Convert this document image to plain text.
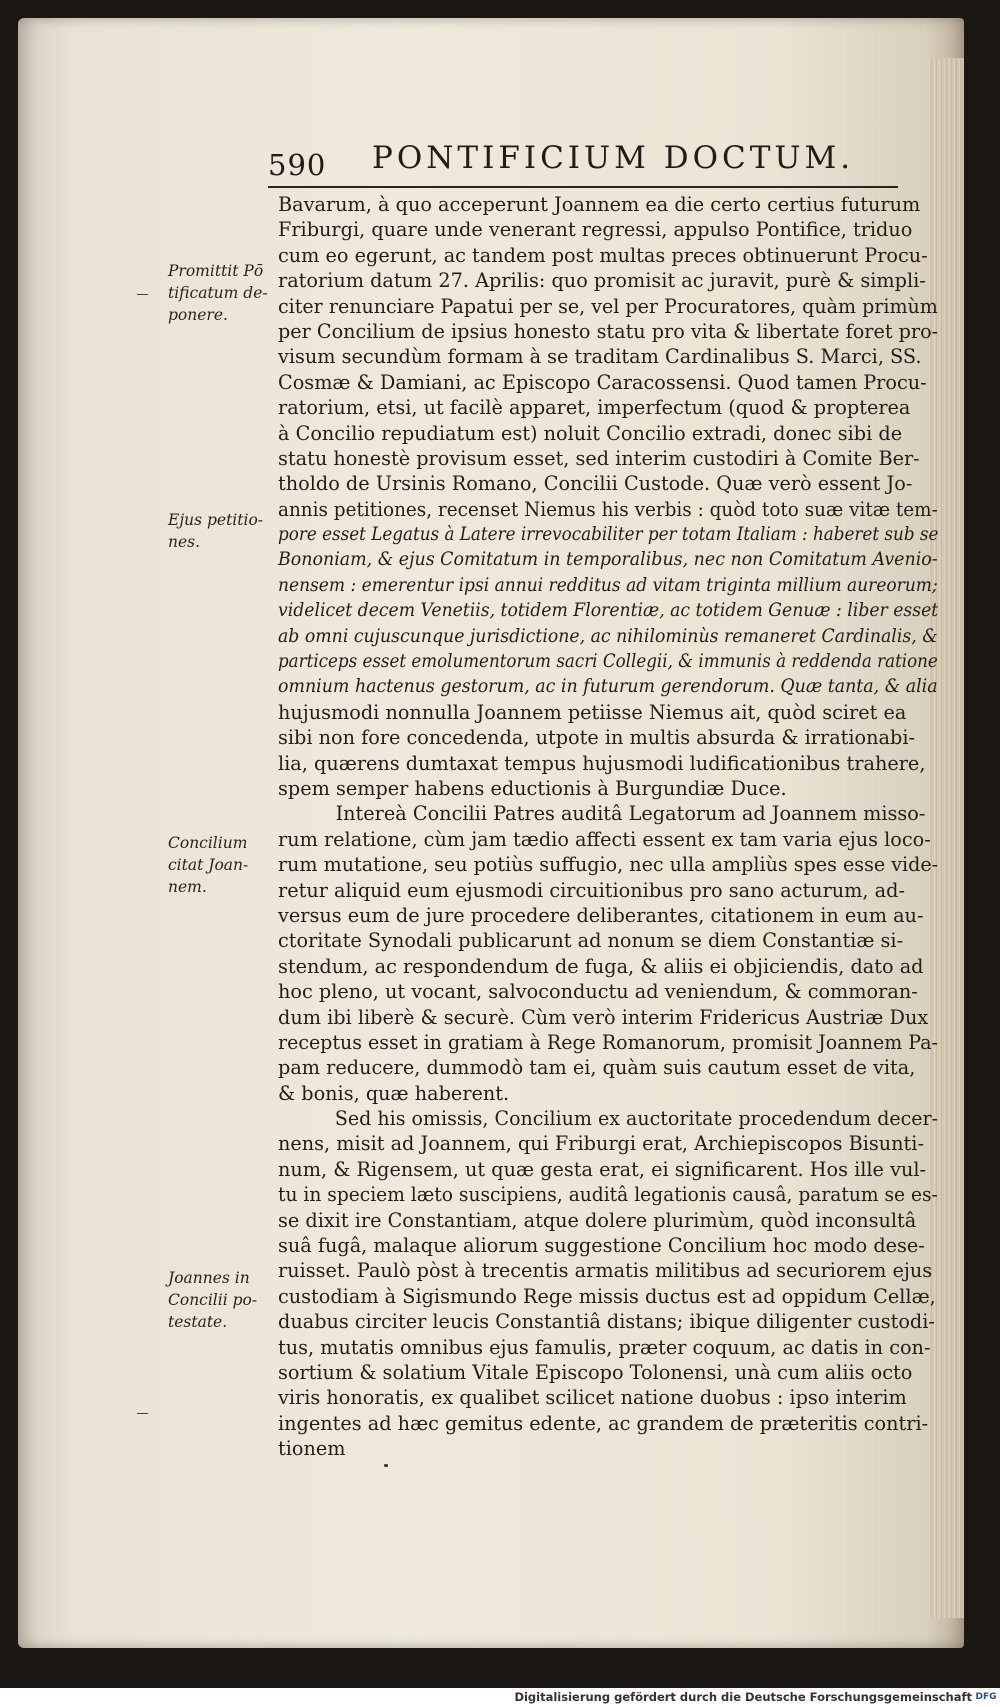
590 PONTIFICIUM DOCTUM.
Promittit Pō
tificatum de-
ponere.
Ejus petitio-
nes.
Concilium
citat Joan-
nem.
Joannes in
Concilii po-
testate.
Bavarum, à quo acceperunt Joannem ea die certo certius futurum
Friburgi, quare unde venerant regressi, appulso Pontifice, triduo
cum eo egerunt, ac tandem post multas preces obtinuerunt Procu-
ratorium datum 27. Aprilis: quo promisit ac juravit, purè & simpli-
citer renunciare Papatui per se, vel per Procuratores, quàm primùm
per Concilium de ipsius honesto statu pro vita & libertate foret pro-
visum secundùm formam à se traditam Cardinalibus S. Marci, SS.
Cosmæ & Damiani, ac Episcopo Caracossensi. Quod tamen Procu-
ratorium, etsi, ut facilè apparet, imperfectum (quod & propterea
à Concilio repudiatum est) noluit Concilio extradi, donec sibi de
statu honestè provisum esset, sed interim custodiri à Comite Ber-
tholdo de Ursinis Romano, Concilii Custode. Quæ verò essent Jo-
annis petitiones, recenset Niemus his verbis : quòd toto suæ vitæ tem-
pore esset Legatus à Latere irrevocabiliter per totam Italiam : haberet sub se
Bononiam, & ejus Comitatum in temporalibus, nec non Comitatum Avenio-
nensem : emerentur ipsi annui redditus ad vitam triginta millium aureorum;
videlicet decem Venetiis, totidem Florentiæ, ac totidem Genuæ : liber esset
ab omni cujuscunque jurisdictione, ac nihilominùs remaneret Cardinalis, &
particeps esset emolumentorum sacri Collegii, & immunis à reddenda ratione
omnium hactenus gestorum, ac in futurum gerendorum. Quæ tanta, & alia
hujusmodi nonnulla Joannem petiisse Niemus ait, quòd sciret ea
sibi non fore concedenda, utpote in multis absurda & irrationabi-
lia, quærens dumtaxat tempus hujusmodi ludificationibus trahere,
spem semper habens eductionis à Burgundiæ Duce.
Intereà Concilii Patres auditâ Legatorum ad Joannem misso-
rum relatione, cùm jam tædio affecti essent ex tam varia ejus loco-
rum mutatione, seu potiùs suffugio, nec ulla ampliùs spes esse vide-
retur aliquid eum ejusmodi circuitionibus pro sano acturum, ad-
versus eum de jure procedere deliberantes, citationem in eum au-
ctoritate Synodali publicarunt ad nonum se diem Constantiæ si-
stendum, ac respondendum de fuga, & aliis ei objiciendis, dato ad
hoc pleno, ut vocant, salvoconductu ad veniendum, & commoran-
dum ibi liberè & securè. Cùm verò interim Fridericus Austriæ Dux
receptus esset in gratiam à Rege Romanorum, promisit Joannem Pa-
pam reducere, dummodò tam ei, quàm suis cautum esset de vita,
& bonis, quæ haberent.
Sed his omissis, Concilium ex auctoritate procedendum decer-
nens, misit ad Joannem, qui Friburgi erat, Archiepiscopos Bisunti-
num, & Rigensem, ut quæ gesta erat, ei significarent. Hos ille vul-
tu in speciem læto suscipiens, auditâ legationis causâ, paratum se es-
se dixit ire Constantiam, atque dolere plurimùm, quòd inconsultâ
suâ fugâ, malaque aliorum suggestione Concilium hoc modo dese-
ruisset. Paulò pòst à trecentis armatis militibus ad securiorem ejus
custodiam à Sigismundo Rege missis ductus est ad oppidum Cellæ,
duabus circiter leucis Constantiâ distans; ibique diligenter custodi-
tus, mutatis omnibus ejus famulis, præter coquum, ac datis in con-
sortium & solatium Vitale Episcopo Tolonensi, unà cum aliis octo
viris honoratis, ex qualibet scilicet natione duobus : ipso interim
ingentes ad hæc gemitus edente, ac grandem de præteritis contri-
tionem
Digitalisierung gefördert durch die Deutsche Forschungsgemeinschaft DFG
